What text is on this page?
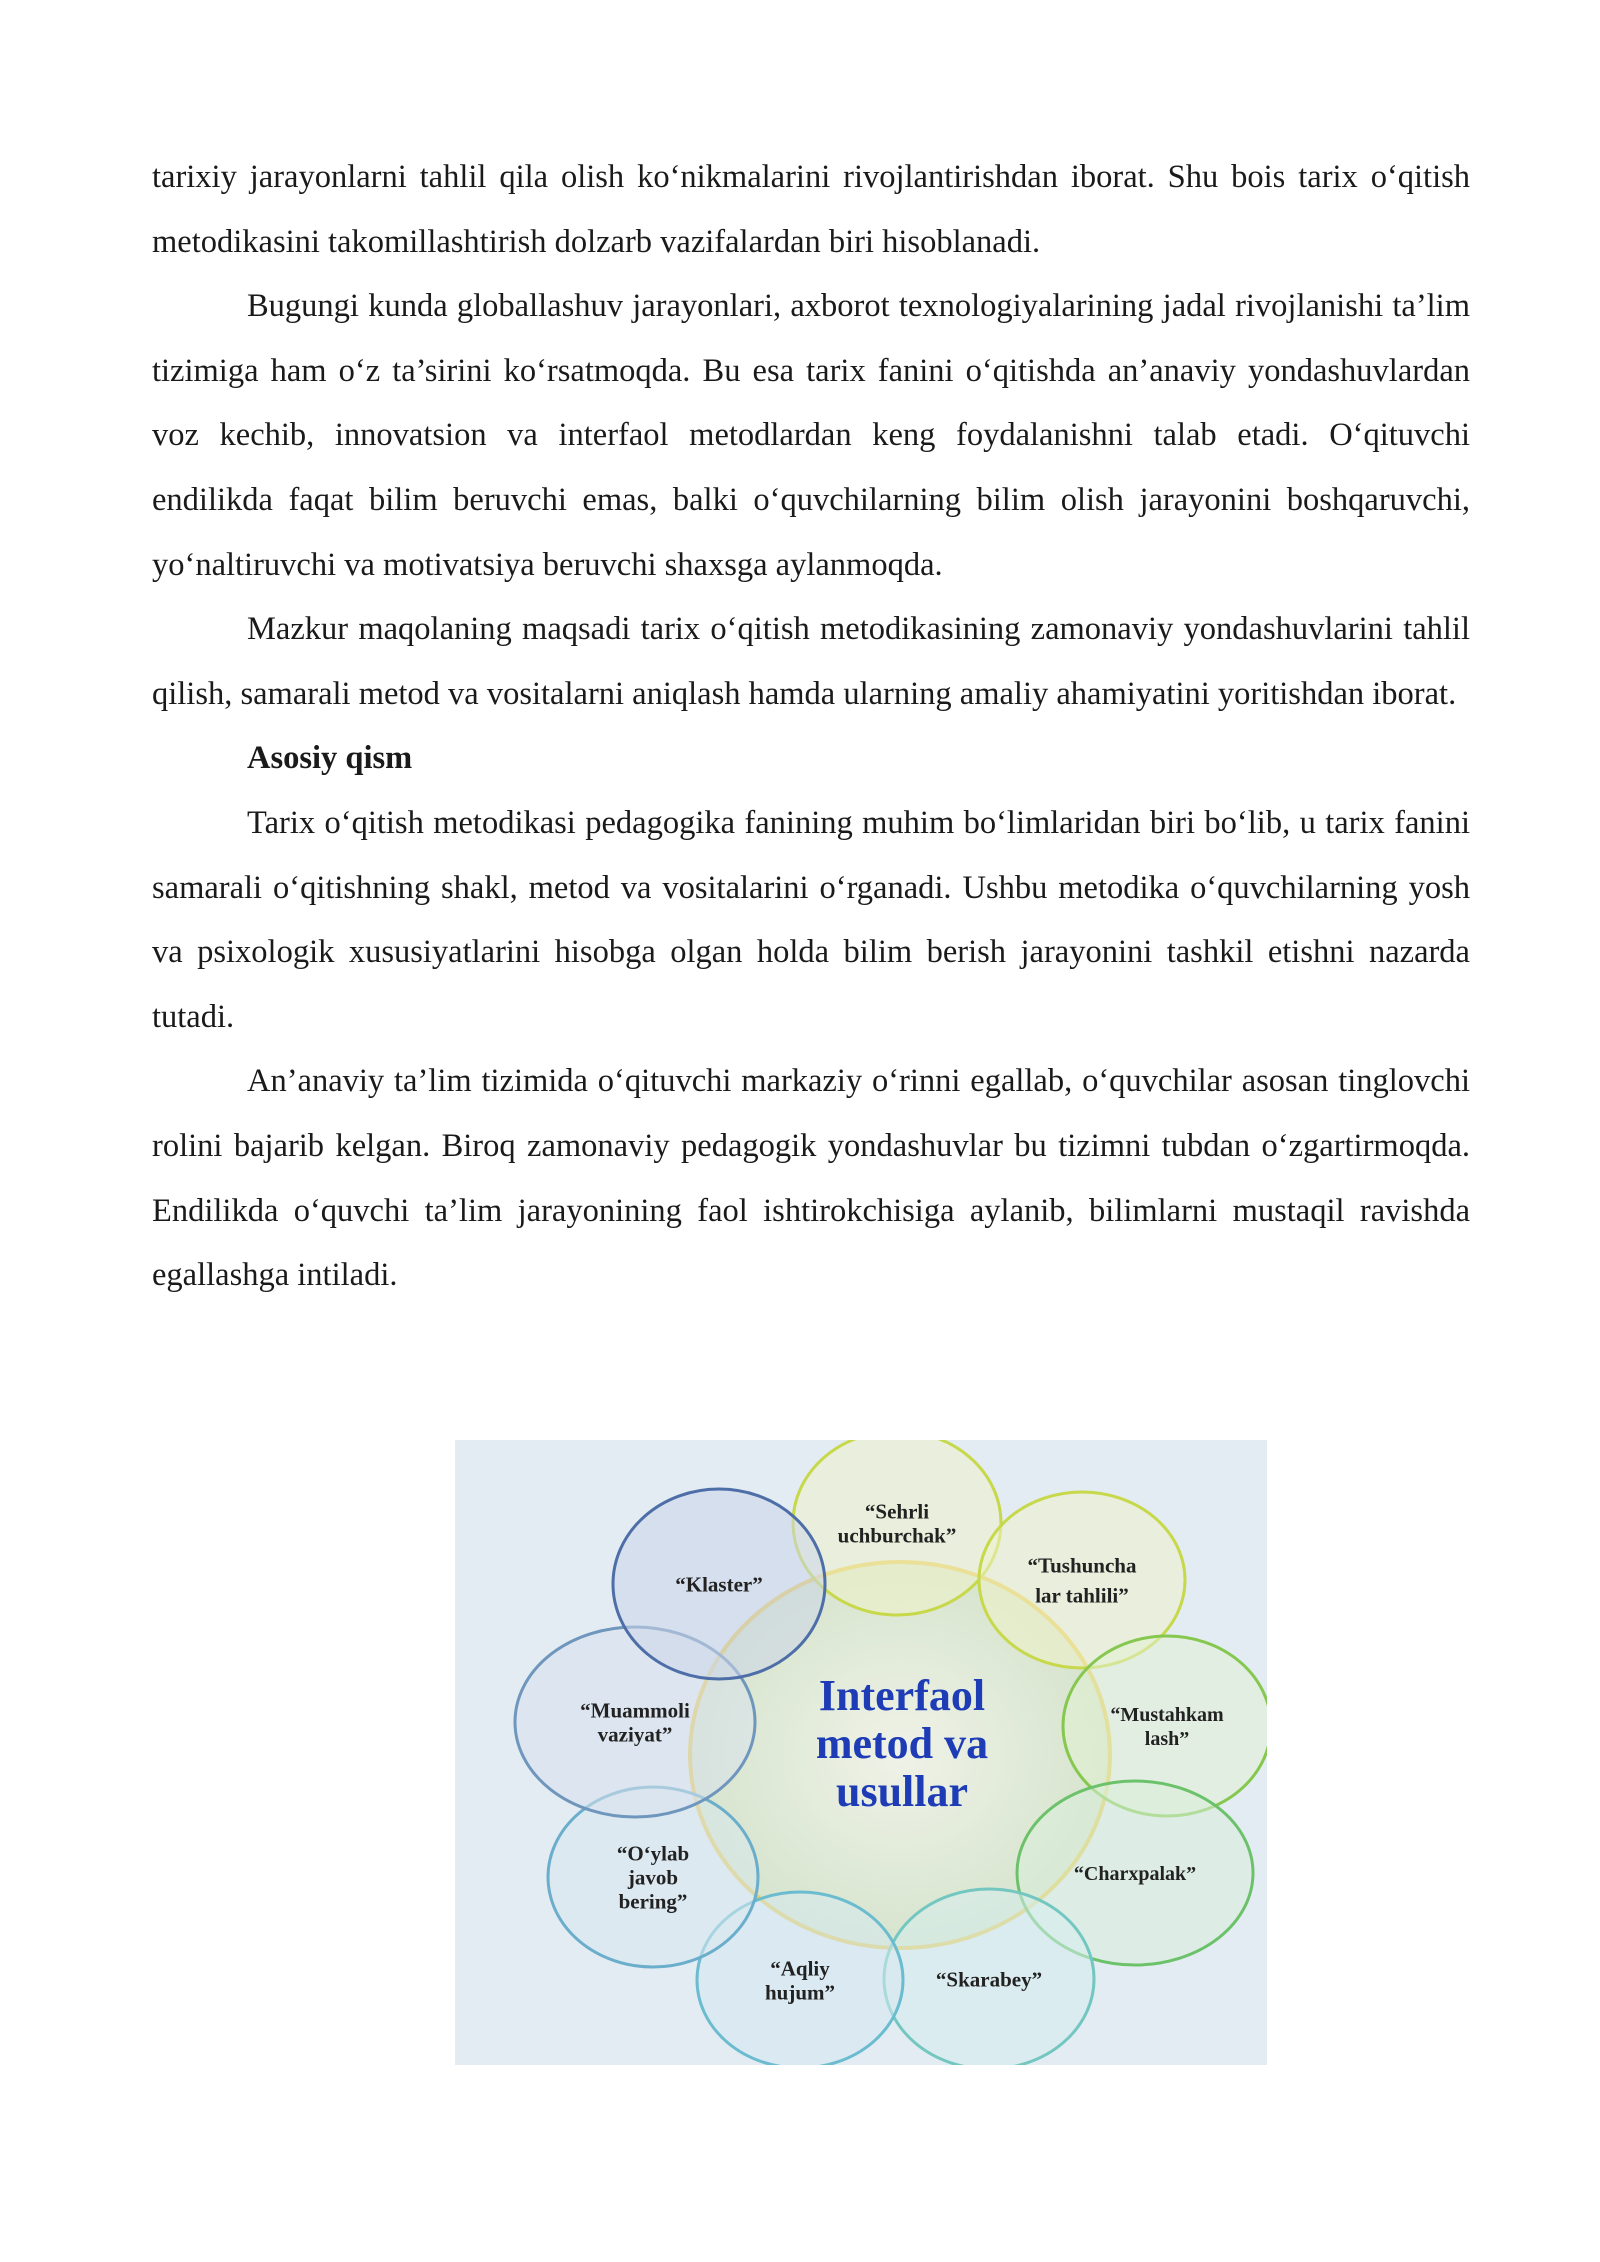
tarixiy jarayonlarni tahlil qila olish ko‘nikmalarini rivojlantirishdan iborat. Shu bois tarix o‘qitish metodikasini takomillashtirish dolzarb vazifalardan biri hisoblanadi.

Bugungi kunda globallashuv jarayonlari, axborot texnologiyalarining jadal rivojlanishi ta’lim tizimiga ham o‘z ta’sirini ko‘rsatmoqda. Bu esa tarix fanini o‘qitishda an’anaviy yondashuvlardan voz kechib, innovatsion va interfaol metodlardan keng foydalanishni talab etadi. O‘qituvchi endilikda faqat bilim beruvchi emas, balki o‘quvchilarning bilim olish jarayonini boshqaruvchi, yo‘naltiruvchi va motivatsiya beruvchi shaxsga aylanmoqda.

Mazkur maqolaning maqsadi tarix o‘qitish metodikasining zamonaviy yondashuvlarini tahlil qilish, samarali metod va vositalarni aniqlash hamda ularning amaliy ahamiyatini yoritishdan iborat.

Asosiy qism

Tarix o‘qitish metodikasi pedagogika fanining muhim bo‘limlaridan biri bo‘lib, u tarix fanini samarali o‘qitishning shakl, metod va vositalarini o‘rganadi. Ushbu metodika o‘quvchilarning yosh va psixologik xususiyatlarini hisobga olgan holda bilim berish jarayonini tashkil etishni nazarda tutadi.

An’anaviy ta’lim tizimida o‘qituvchi markaziy o‘rinni egallab, o‘quvchilar asosan tinglovchi rolini bajarib kelgan. Biroq zamonaviy pedagogik yondashuvlar bu tizimni tubdan o‘zgartirmoqda. Endilikda o‘quvchi ta’lim jarayonining faol ishtirokchisiga aylanib, bilimlarni mustaqil ravishda egallashga intiladi.

Interfaol
metod va
usullar
“Sehrli uchburchak”
“Tushuncha lar tahlili”
“Mustahkam lash”
“Charxpalak”
“Skarabey”
“Aqliy hujum”
“O‘ylab javob bering”
“Muammoli vaziyat”
“Klaster”
